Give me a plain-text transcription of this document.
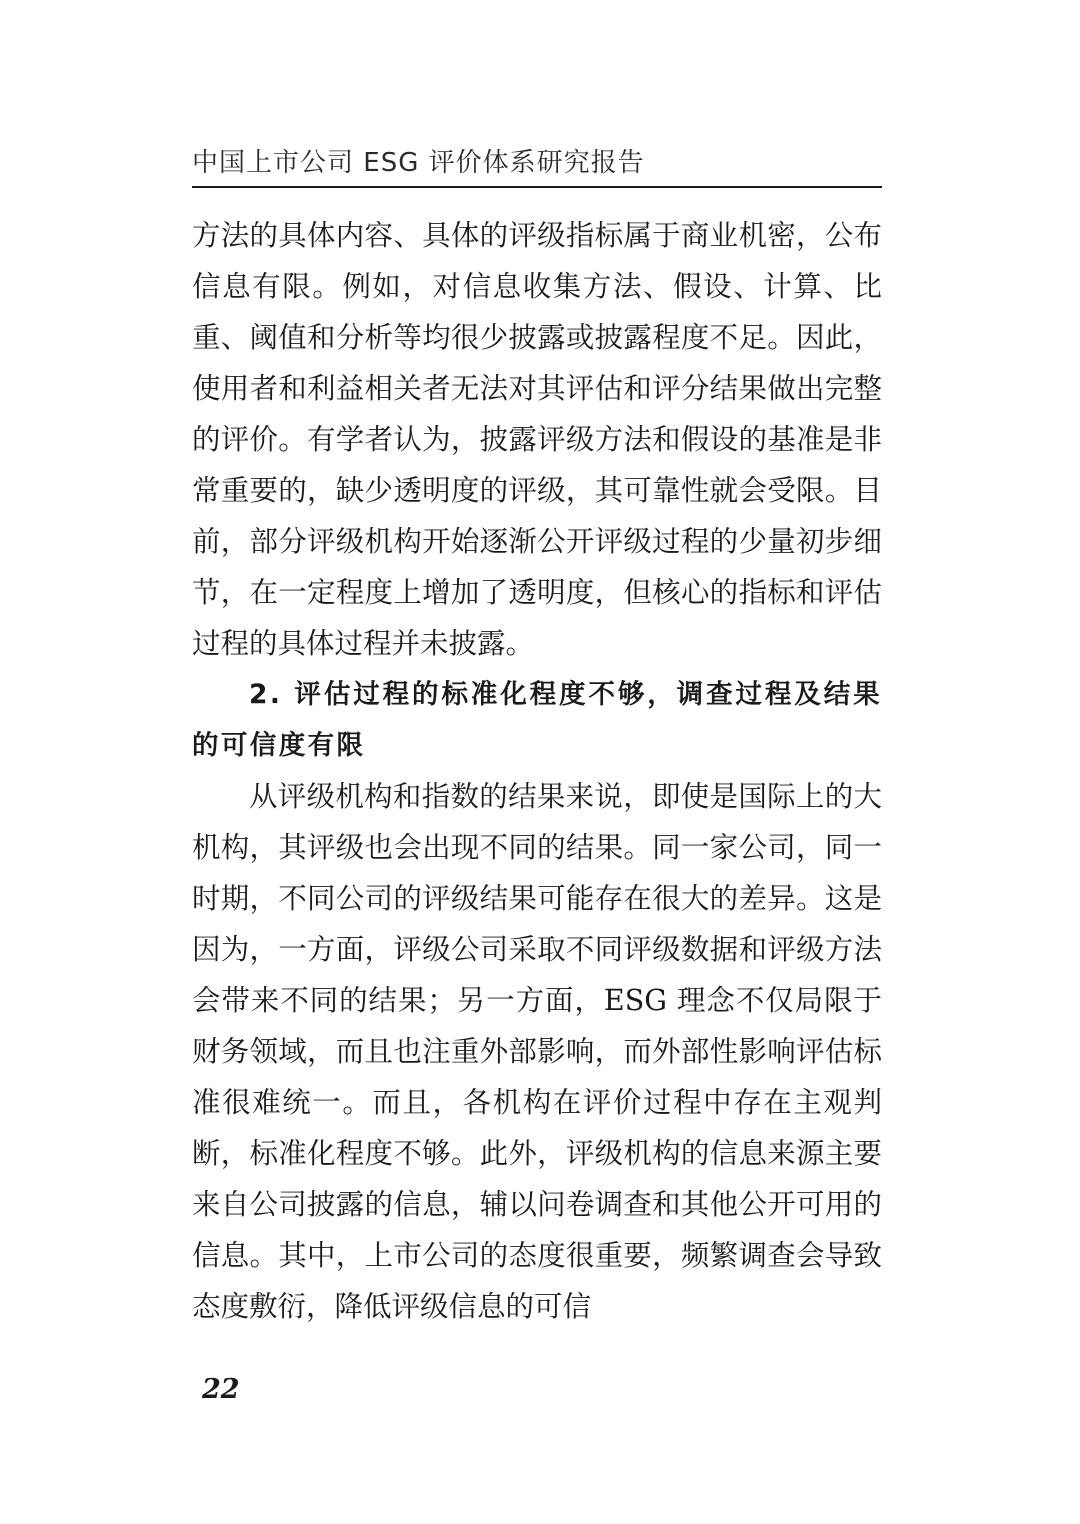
中国上市公司 ESG 评价体系研究报告

方法的具体内容、具体的评级指标属于商业机密，公布信息有限。例如，对信息收集方法、假设、计算、比重、阈值和分析等均很少披露或披露程度不足。因此，使用者和利益相关者无法对其评估和评分结果做出完整的评价。有学者认为，披露评级方法和假设的基准是非常重要的，缺少透明度的评级，其可靠性就会受限。目前，部分评级机构开始逐渐公开评级过程的少量初步细节，在一定程度上增加了透明度，但核心的指标和评估过程的具体过程并未披露。

2. 评估过程的标准化程度不够，调查过程及结果的可信度有限

从评级机构和指数的结果来说，即使是国际上的大机构，其评级也会出现不同的结果。同一家公司，同一时期，不同公司的评级结果可能存在很大的差异。这是因为，一方面，评级公司采取不同评级数据和评级方法会带来不同的结果；另一方面，ESG 理念不仅局限于财务领域，而且也注重外部影响，而外部性影响评估标准很难统一。而且，各机构在评价过程中存在主观判断，标准化程度不够。此外，评级机构的信息来源主要来自公司披露的信息，辅以问卷调查和其他公开可用的信息。其中，上市公司的态度很重要，频繁调查会导致态度敷衍，降低评级信息的可信

22
